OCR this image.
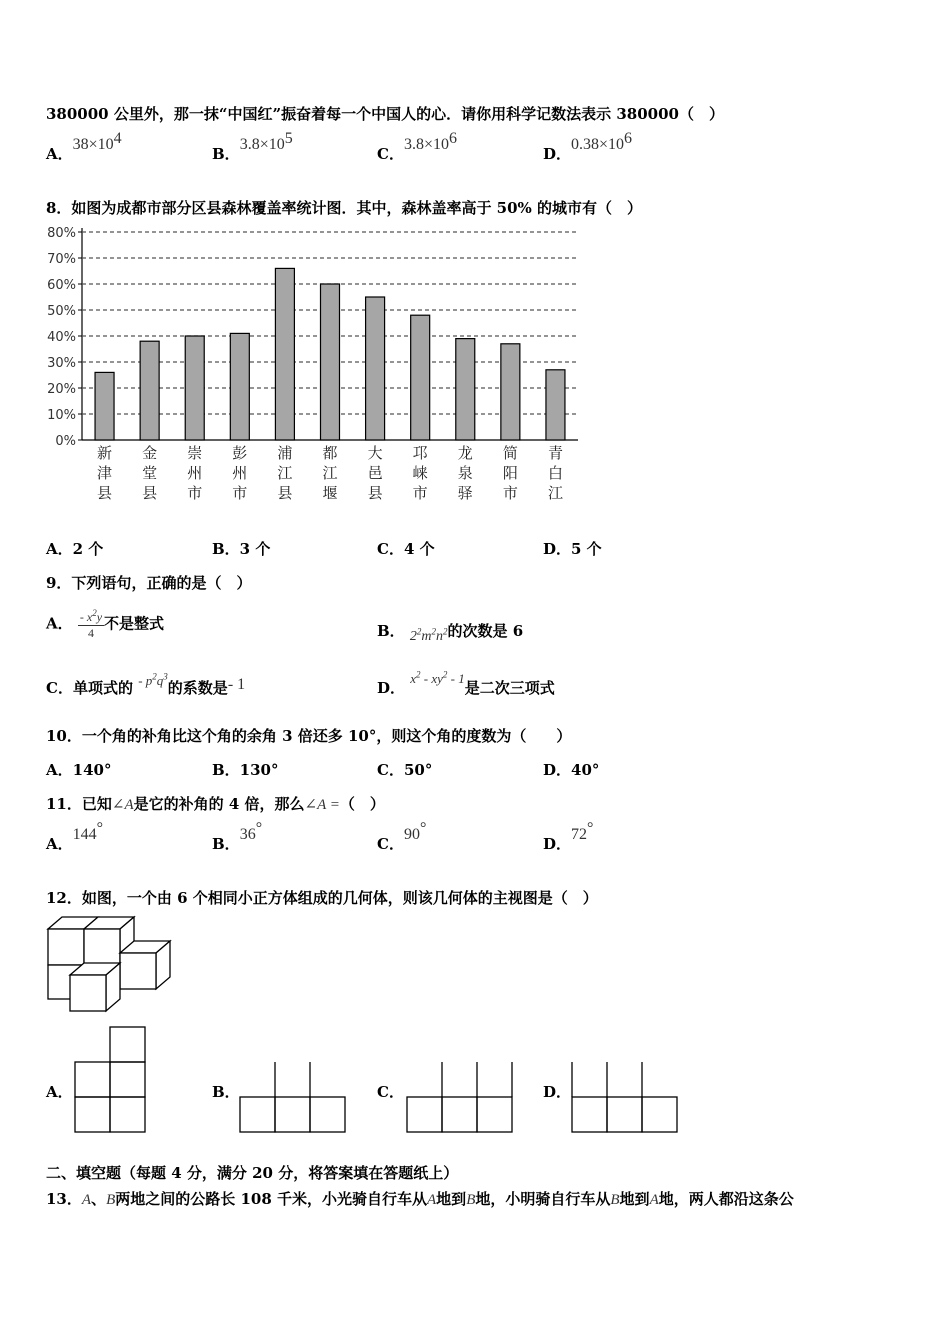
380000 公里外，那一抹“中国红”振奋着每一个中国人的心．请你用科学记数法表示 380000（　）
A．$38\times 10^4$
B．$3.8\times 10^5$
C．$3.8\times 10^6$
D．$0.38\times 10^6$
8．如图为成都市部分区县森林覆盖率统计图．其中，森林盖率高于 50% 的城市有（　）
0%
10%
20%
30%
40%
50%
60%
70%
80%
新
津
县
金
堂
县
崇
州
市
彭
州
市
浦
江
县
都
江
堰
大
邑
县
邛
崃
市
龙
泉
驿
简
阳
市
青
白
江
A．2 个	B．3 个	C．4 个	D．5 个
9．下列语句，正确的是（　）
A． $\frac{- x^2y}{4}$ 不是整式	B． $2^2m^2n^2$的次数是 6
C．单项式的 - $p^2q^3$的系数是- 1	D． $x^2 - xy^2 - 1$是二次三项式
10．一个角的补角比这个角的余角 3 倍还多 10°，则这个角的度数为（　　）
A．140°	B．130°	C．50°	D．40°
11．已知∠A是它的补角的 4 倍，那么∠A =（　）
A．144°
B．36°
C．90°
D．72°
12．如图，一个由 6 个相同小正方体组成的几何体，则该几何体的主视图是（　）
A．	B．	C．	D．
二、填空题（每题 4 分，满分 20 分，将答案填在答题纸上）
13．A、B两地之间的公路长 108 千米，小光骑自行车从A地到B地，小明骑自行车从B地到A地，两人都沿这条公
